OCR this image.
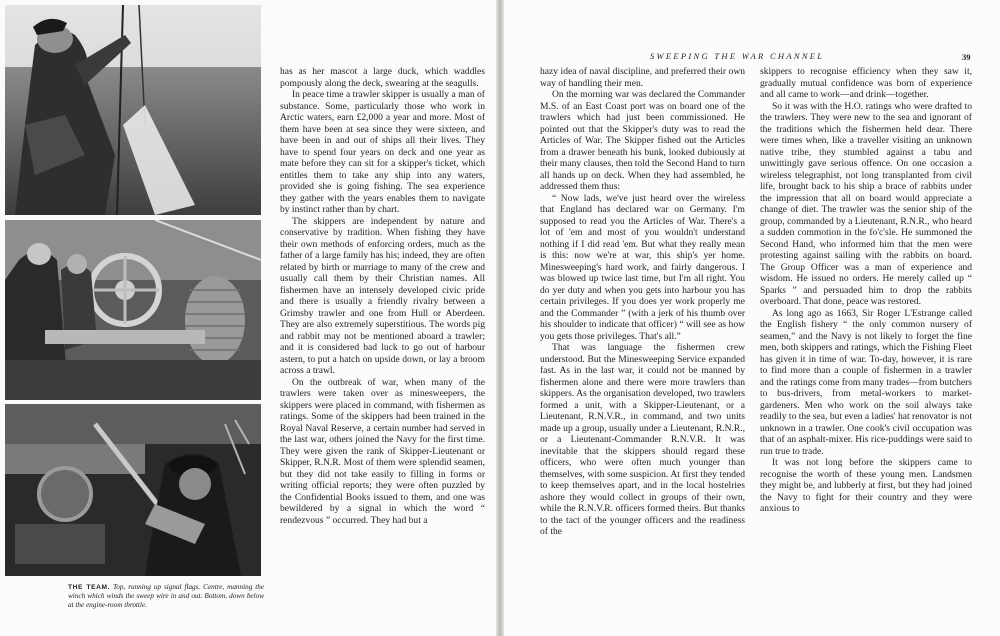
THE TEAM. Top, running up signal flags. Centre, manning the winch which winds the sweep wire in and out. Bottom, down below at the engine-room throttle.
SWEEPING THE WAR CHANNEL	39

has as her mascot a large duck, which waddles pompously along the deck, swearing at the seagulls.

In peace time a trawler skipper is usually a man of substance. Some, particularly those who work in Arctic waters, earn £2,000 a year and more. Most of them have been at sea since they were sixteen, and have been in and out of ships all their lives. They have to spend four years on deck and one year as mate before they can sit for a skipper's ticket, which entitles them to take any ship into any waters, provided she is going fishing. The sea experience they gather with the years enables them to navigate by instinct rather than by chart.

The skippers are independent by nature and conservative by tradition. When fishing they have their own methods of enforcing orders, much as the father of a large family has his; indeed, they are often related by birth or marriage to many of the crew and usually call them by their Christian names. All fishermen have an intensely developed civic pride and there is usually a friendly rivalry between a Grimsby trawler and one from Hull or Aberdeen. They are also extremely superstitious. The words pig and rabbit may not be mentioned aboard a trawler; and it is considered bad luck to go out of harbour astern, to put a hatch on upside down, or lay a broom across a trawl.

On the outbreak of war, when many of the trawlers were taken over as minesweepers, the skippers were placed in command, with fishermen as ratings. Some of the skippers had been trained in the Royal Naval Reserve, a certain number had served in the last war, others joined the Navy for the first time. They were given the rank of Skipper-Lieutenant or Skipper, R.N.R. Most of them were splendid seamen, but they did not take easily to filling in forms or writing official reports; they were often puzzled by the Confidential Books issued to them, and one was bewildered by a signal in which the word “ rendezvous ” occurred. They had but a

hazy idea of naval discipline, and preferred their own way of handling their men.

On the morning war was declared the Commander M.S. of an East Coast port was on board one of the trawlers which had just been commissioned. He pointed out that the Skipper's duty was to read the Articles of War. The Skipper fished out the Articles from a drawer beneath his bunk, looked dubiously at their many clauses, then told the Second Hand to turn all hands up on deck. When they had assembled, he addressed them thus:

“ Now lads, we've just heard over the wireless that England has declared war on Germany. I'm supposed to read you the Articles of War. There's a lot of 'em and most of you wouldn't understand nothing if I did read 'em. But what they really mean is this: now we're at war, this ship's yer home. Minesweeping's hard work, and fairly dangerous. I was blowed up twice last time, but I'm all right. You do yer duty and when you gets into harbour you has certain privileges. If you does yer work properly me and the Commander ” (with a jerk of his thumb over his shoulder to indicate that officer) “ will see as how you gets those privileges. That's all.”

That was language the fishermen crew understood. But the Minesweeping Service expanded fast. As in the last war, it could not be manned by fishermen alone and there were more trawlers than skippers. As the organisation developed, two trawlers formed a unit, with a Skipper-Lieutenant, or a Lieutenant, R.N.V.R., in command, and two units made up a group, usually under a Lieutenant, R.N.R., or a Lieutenant-Commander R.N.V.R. It was inevitable that the skippers should regard these officers, who were often much younger than themselves, with some suspicion. At first they tended to keep themselves apart, and in the local hostelries ashore they would collect in groups of their own, while the R.N.V.R. officers formed theirs. But thanks to the tact of the younger officers and the readiness of the

skippers to recognise efficiency when they saw it, gradually mutual confidence was born of experience and all came to work—and drink—together.

So it was with the H.O. ratings who were drafted to the trawlers. They were new to the sea and ignorant of the traditions which the fishermen held dear. There were times when, like a traveller visiting an unknown native tribe, they stumbled against a tabu and unwittingly gave serious offence. On one occasion a wireless telegraphist, not long transplanted from civil life, brought back to his ship a brace of rabbits under the impression that all on board would appreciate a change of diet. The trawler was the senior ship of the group, commanded by a Lieutenant, R.N.R., who heard a sudden commotion in the fo'c'sle. He summoned the Second Hand, who informed him that the men were protesting against sailing with the rabbits on board. The Group Officer was a man of experience and wisdom. He issued no orders. He merely called up “ Sparks ” and persuaded him to drop the rabbits overboard. That done, peace was restored.

As long ago as 1663, Sir Roger L'Estrange called the English fishery “ the only common nursery of seamen,” and the Navy is not likely to forget the fine men, both skippers and ratings, which the Fishing Fleet has given it in time of war. To-day, however, it is rare to find more than a couple of fishermen in a trawler and the ratings come from many trades—from butchers to bus-drivers, from metal-workers to market-gardeners. Men who work on the soil always take readily to the sea, but even a ladies' hat renovator is not unknown in a trawler. One cook's civil occupation was that of an asphalt-mixer. His rice-puddings were said to run true to trade.

It was not long before the skippers came to recognise the worth of these young men. Landsmen they might be, and lubberly at first, but they had joined the Navy to fight for their country and they were anxious to
